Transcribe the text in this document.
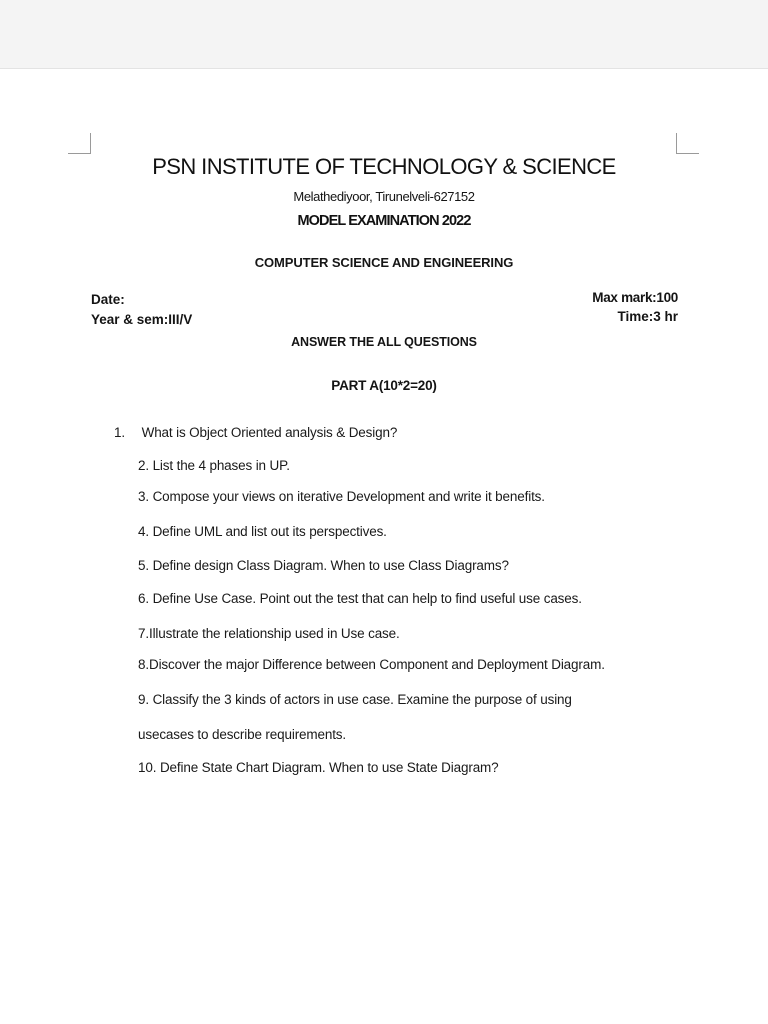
PSN INSTITUTE OF TECHNOLOGY & SCIENCE
Melathediyoor, Tirunelveli-627152
MODEL EXAMINATION 2022
COMPUTER SCIENCE AND ENGINEERING
Date:
Year & sem:III/V
Max mark:100
Time:3 hr
ANSWER THE ALL QUESTIONS
PART A(10*2=20)
1. What is Object Oriented analysis & Design?
2. List the 4 phases in UP.
3. Compose your views on iterative Development and write it benefits.
4. Define UML and list out its perspectives.
5. Define design Class Diagram. When to use Class Diagrams?
6. Define Use Case. Point out the test that can help to find useful use cases.
7.Illustrate the relationship used in Use case.
8.Discover the major Difference between Component and Deployment Diagram.
9. Classify the 3 kinds of actors in use case. Examine the purpose of using
usecases to describe requirements.
10. Define State Chart Diagram. When to use State Diagram?
